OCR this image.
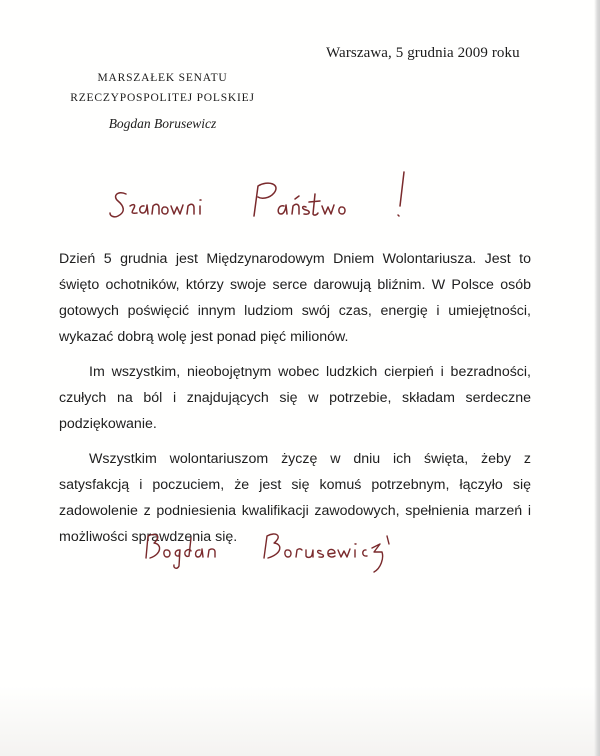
Warszawa, 5 grudnia 2009 roku
MARSZAŁEK SENATU
RZECZYPOSPOLITEJ POLSKIEJ
Bogdan Borusewicz

Dzień 5 grudnia jest Międzynarodowym Dniem Wolontariusza. Jest to święto ochotników, którzy swoje serce darowują bliźnim. W Polsce osób gotowych poświęcić innym ludziom swój czas, energię i umiejętności, wykazać dobrą wolę jest ponad pięć milionów.

Im wszystkim, nieobojętnym wobec ludzkich cierpień i bezradności, czułych na ból i znajdujących się w potrzebie, składam serdeczne podziękowanie.

Wszystkim wolontariuszom życzę w dniu ich święta, żeby z satysfakcją i poczuciem, że jest się komuś potrzebnym, łączyło się zadowolenie z podniesienia kwalifikacji zawodowych, spełnienia marzeń i możliwości sprawdzenia się.
